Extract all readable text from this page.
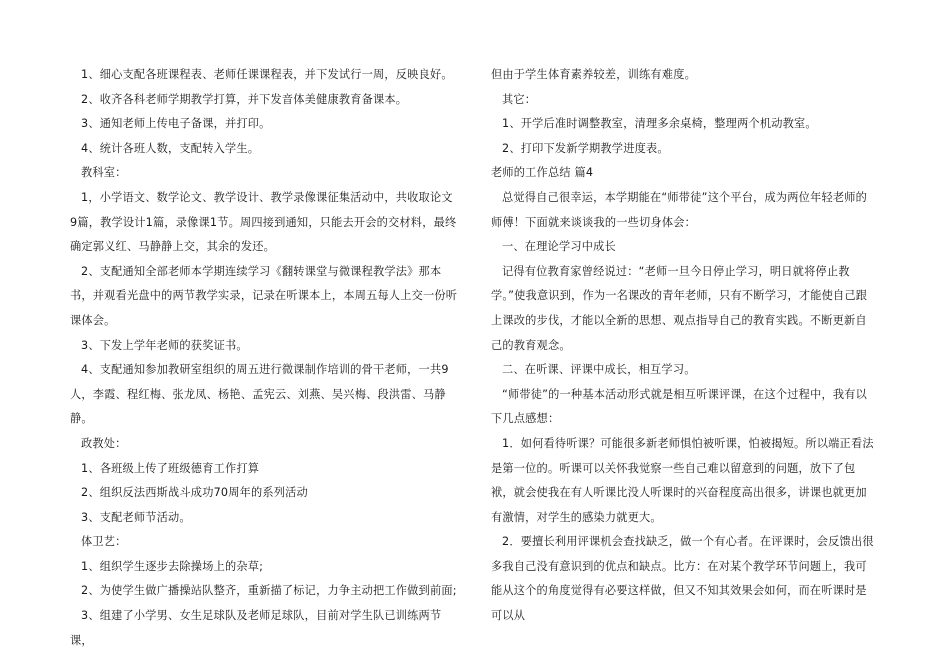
1、细心支配各班课程表、老师任课课程表，并下发试行一周，反映良好。

2、收齐各科老师学期教学打算，并下发音体美健康教育备课本。

3、通知老师上传电子备课，并打印。

4、统计各班人数，支配转入学生。

教科室：

1，小学语文、数学论文、教学设计、教学录像课征集活动中，共收取论文9篇，教学设计1篇，录像课1节。周四接到通知，只能去开会的交材料，最终确定郭义红、马静静上交，其余的发还。

2、支配通知全部老师本学期连续学习《翻转课堂与微课程教学法》那本书，并观看光盘中的两节教学实录，记录在听课本上，本周五每人上交一份听课体会。

3、下发上学年老师的获奖证书。

4、支配通知参加教研室组织的周五进行微课制作培训的骨干老师，一共9人，李霞、程红梅、张龙凤、杨艳、孟宪云、刘燕、吴兴梅、段洪雷、马静静。

政教处：

1、各班级上传了班级德育工作打算

2、组织反法西斯战斗成功70周年的系列活动

3、支配老师节活动。

体卫艺：

1、组织学生逐步去除操场上的杂草;

2、为使学生做广播操站队整齐，重新描了标记，力争主动把工作做到前面;

3、组建了小学男、女生足球队及老师足球队，目前对学生队已训练两节课，

但由于学生体育素养较差，训练有难度。

其它：

1、开学后准时调整教室，清理多余桌椅，整理两个机动教室。

2、打印下发新学期教学进度表。

老师的工作总结 篇4

总觉得自己很幸运，本学期能在“师带徒”这个平台，成为两位年轻老师的师傅！下面就来谈谈我的一些切身体会：

一、在理论学习中成长

记得有位教育家曾经说过：“老师一旦今日停止学习，明日就将停止教学。”使我意识到，作为一名课改的青年老师，只有不断学习，才能使自己跟上课改的步伐，才能以全新的思想、观点指导自己的教育实践。不断更新自己的教育观念。

二、在听课、评课中成长，相互学习。

“师带徒”的一种基本活动形式就是相互听课评课，在这个过程中，我有以下几点感想：

1．如何看待听课？可能很多新老师惧怕被听课，怕被揭短。所以端正看法是第一位的。听课可以关怀我觉察一些自己难以留意到的问题，放下了包袱，就会使我在有人听课比没人听课时的兴奋程度高出很多，讲课也就更加有激情，对学生的感染力就更大。

2．要擅长利用评课机会查找缺乏，做一个有心者。在评课时，会反馈出很多我自己没有意识到的优点和缺点。比方：在对某个教学环节问题上，我可能从这个的角度觉得有必要这样做，但又不知其效果会如何，而在听课时是可以从
